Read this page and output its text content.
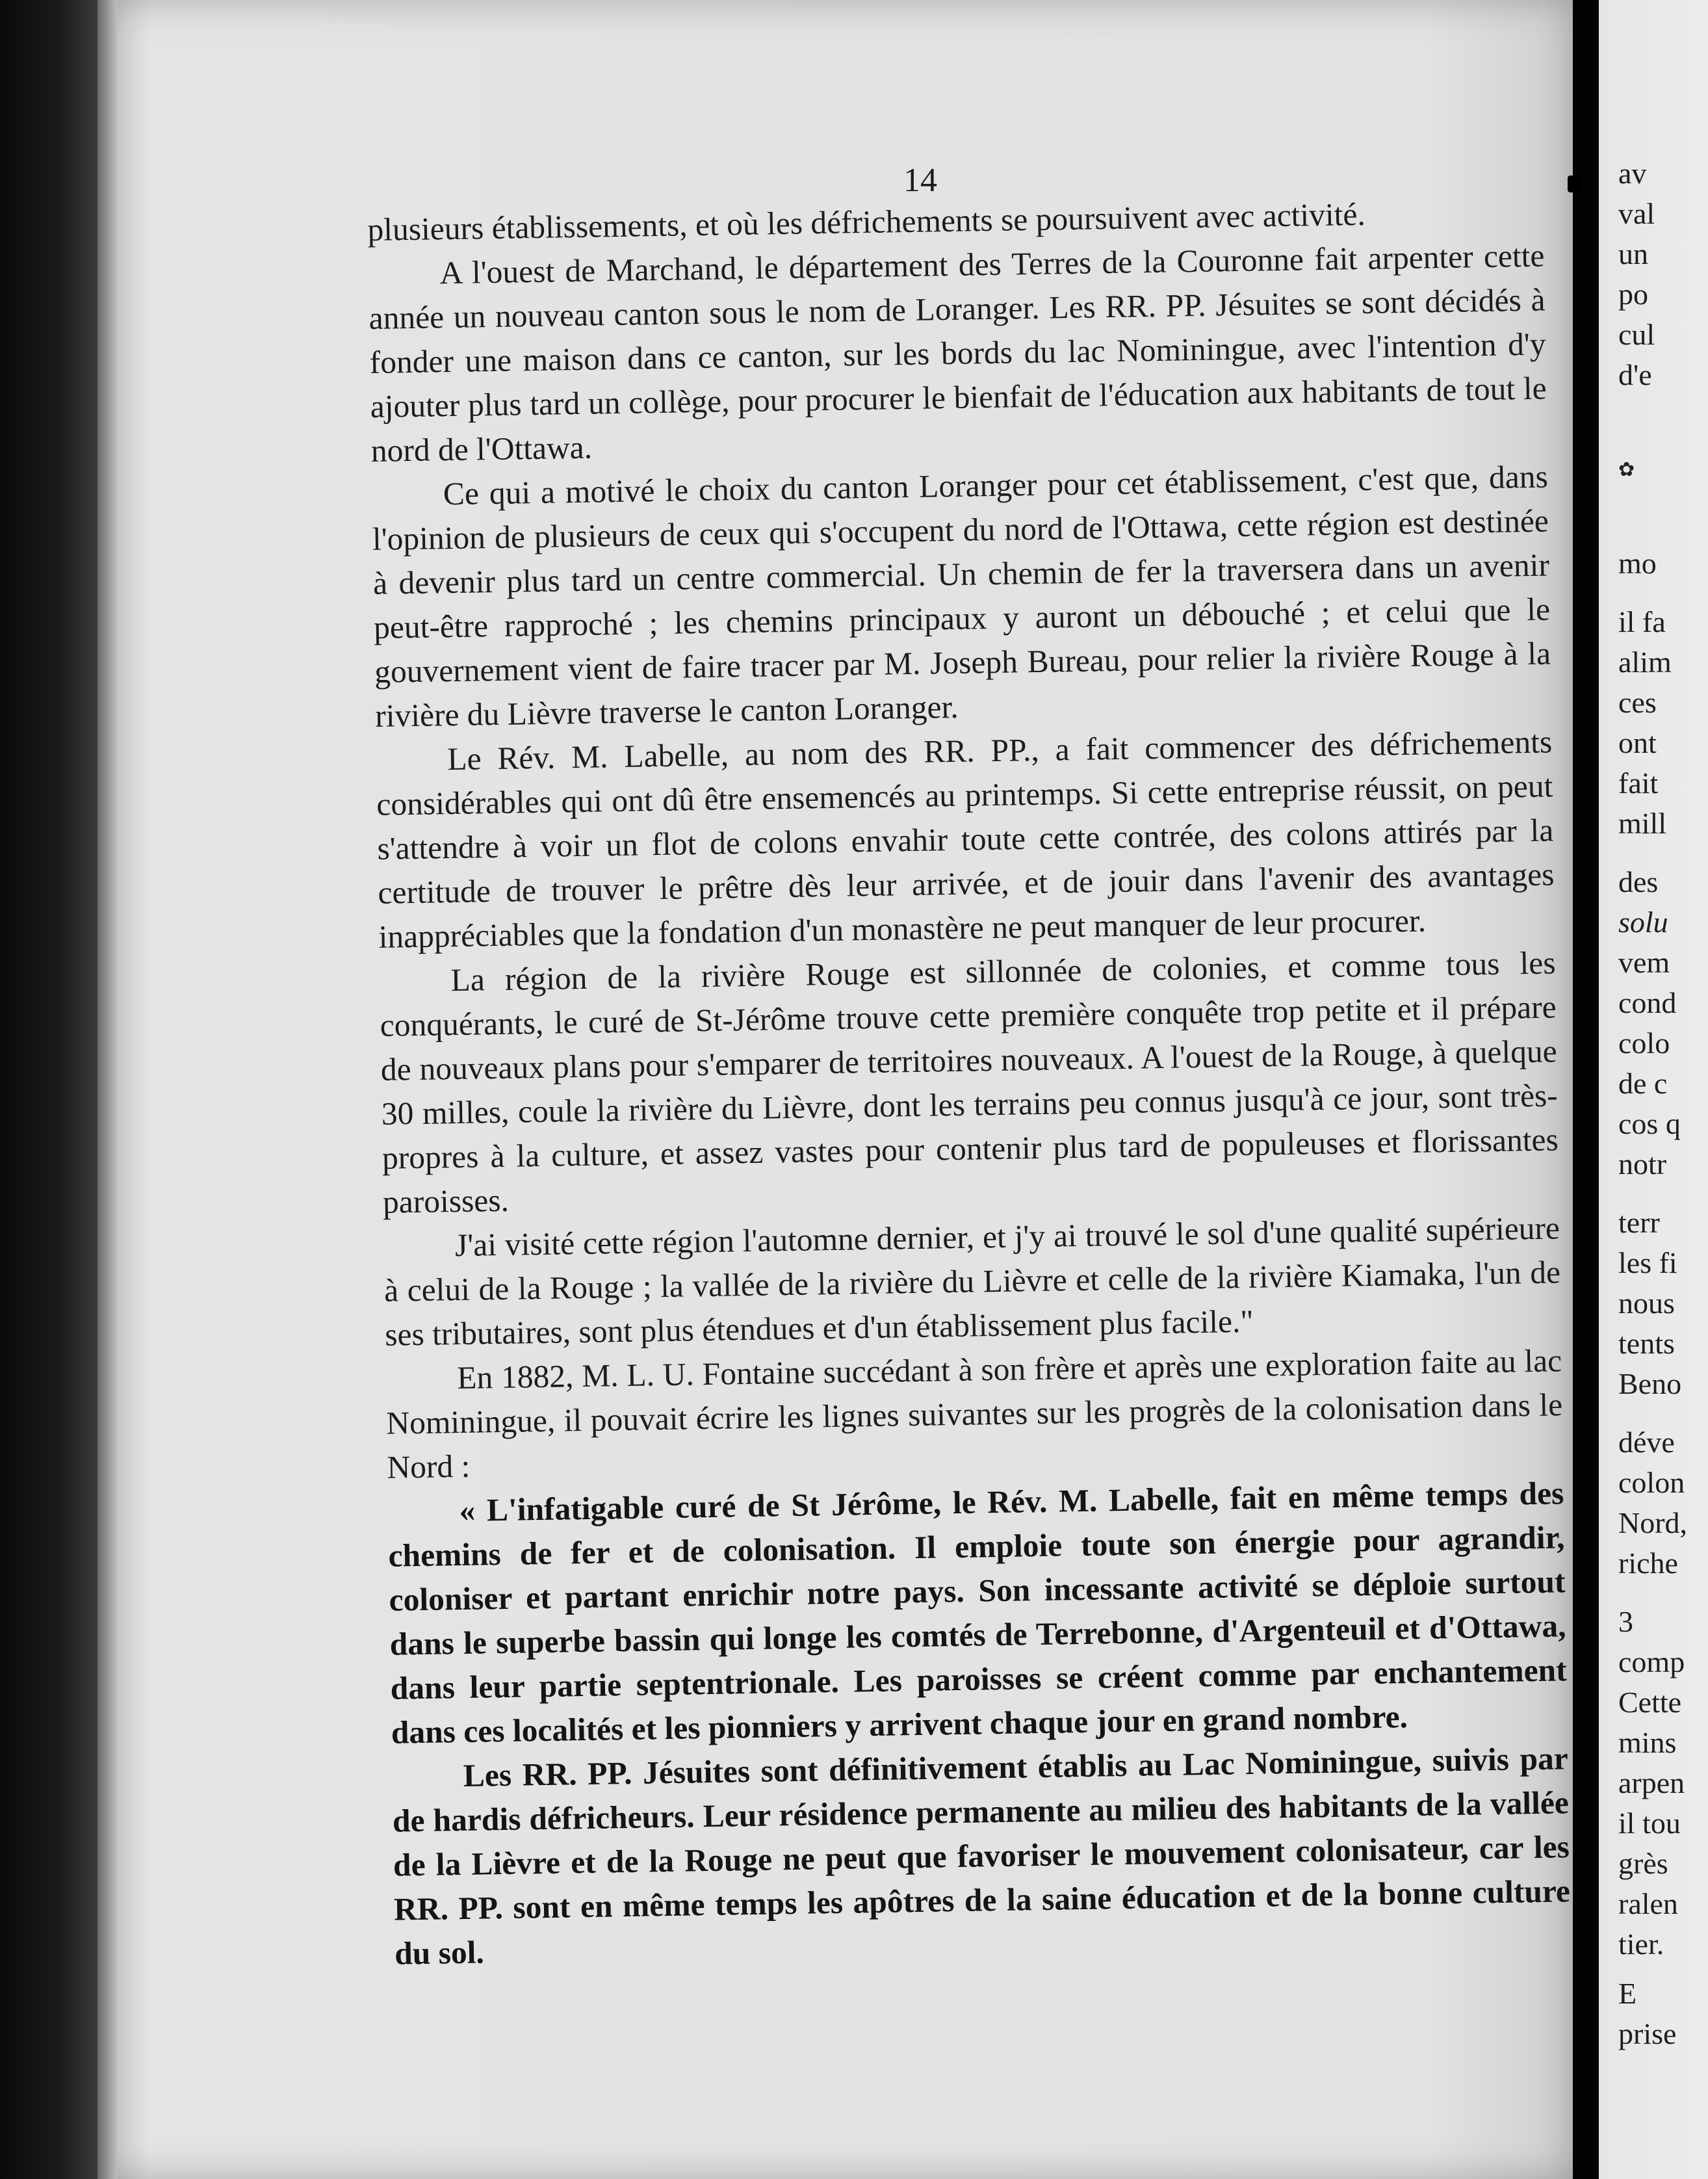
14

plusieurs établissements, et où les défrichements se poursuivent avec activité.

A l'ouest de Marchand, le département des Terres de la Couronne fait arpenter cette année un nouveau canton sous le nom de Loranger. Les RR. PP. Jésuites se sont décidés à fonder une maison dans ce canton, sur les bords du lac Nominingue, avec l'intention d'y ajouter plus tard un collège, pour procurer le bienfait de l'éducation aux habitants de tout le nord de l'Ottawa.

Ce qui a motivé le choix du canton Loranger pour cet établissement, c'est que, dans l'opinion de plusieurs de ceux qui s'occupent du nord de l'Ottawa, cette région est destinée à devenir plus tard un centre commercial. Un chemin de fer la traversera dans un avenir peut-être rapproché ; les chemins principaux y auront un débouché ; et celui que le gouvernement vient de faire tracer par M. Joseph Bureau, pour relier la rivière Rouge à la rivière du Lièvre traverse le canton Loranger.

Le Rév. M. Labelle, au nom des RR. PP., a fait commencer des défrichements considérables qui ont dû être ensemencés au printemps. Si cette entreprise réussit, on peut s'attendre à voir un flot de colons envahir toute cette contrée, des colons attirés par la certitude de trouver le prêtre dès leur arrivée, et de jouir dans l'avenir des avantages inappréciables que la fondation d'un monastère ne peut manquer de leur procurer.

La région de la rivière Rouge est sillonnée de colonies, et comme tous les conquérants, le curé de St-Jérôme trouve cette première conquête trop petite et il prépare de nouveaux plans pour s'emparer de territoires nouveaux. A l'ouest de la Rouge, à quelque 30 milles, coule la rivière du Lièvre, dont les terrains peu connus jusqu'à ce jour, sont très-propres à la culture, et assez vastes pour contenir plus tard de populeuses et florissantes paroisses.

J'ai visité cette région l'automne dernier, et j'y ai trouvé le sol d'une qualité supérieure à celui de la Rouge ; la vallée de la rivière du Lièvre et celle de la rivière Kiamaka, l'un de ses tributaires, sont plus étendues et d'un établissement plus facile."

En 1882, M. L. U. Fontaine succédant à son frère et après une exploration faite au lac Nominingue, il pouvait écrire les lignes suivantes sur les progrès de la colonisation dans le Nord :

« L'infatigable curé de St Jérôme, le Rév. M. Labelle, fait en même temps des chemins de fer et de colonisation. Il emploie toute son énergie pour agrandir, coloniser et partant enrichir notre pays. Son incessante activité se déploie surtout dans le superbe bassin qui longe les comtés de Terrebonne, d'Argenteuil et d'Ottawa, dans leur partie septentrionale. Les paroisses se créent comme par enchantement dans ces localités et les pionniers y arrivent chaque jour en grand nombre.

Les RR. PP. Jésuites sont définitivement établis au Lac Nominingue, suivis par de hardis défricheurs. Leur résidence permanente au milieu des habitants de la vallée de la Lièvre et de la Rouge ne peut que favoriser le mouvement colonisateur, car les RR. PP. sont en même temps les apôtres de la saine éducation et de la bonne culture du sol.

✿
av
val
un
po
cul
d'e
mo
il fa
alim
ces
ont
fait
mill
des
solu
vem
cond
colo
de c
cos q
notr
terr
les fi
nous
tents
Beno
déve
colon
Nord,
riche
3
comp
Cette
mins
arpen
il tou
grès
ralen
tier.
E
prise
